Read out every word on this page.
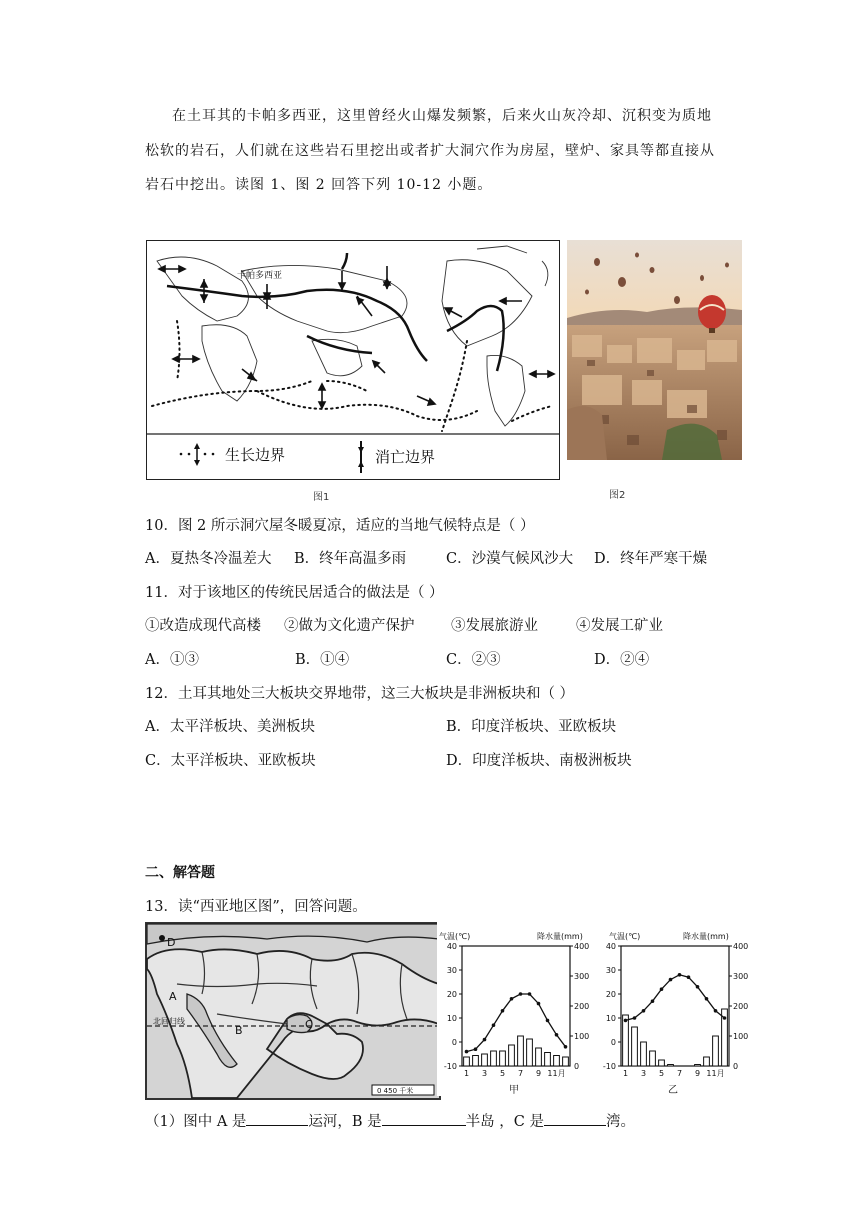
在土耳其的卡帕多西亚，这里曾经火山爆发频繁，后来火山灰冷却、沉积变为质地
松软的岩石，人们就在这些岩石里挖出或者扩大洞穴作为房屋，壁炉、家具等都直接从
岩石中挖出。读图 1、图 2 回答下列 10-12 小题。
卡帕多西亚
生长边界	消亡边界
图1	图2
10．图 2 所示洞穴屋冬暖夏凉，适应的当地气候特点是（ ）
A．夏热冬冷温差大 B．终年高温多雨	C．沙漠气候风沙大 D．终年严寒干燥
11．对于该地区的传统民居适合的做法是（ ）
①改造成现代高楼 ②做为文化遗产保护	③发展旅游业	④发展工矿业
A．①③	B．①④	C．②③	D．②④
12．土耳其地处三大板块交界地带，这三大板块是非洲板块和（ ）
A．太平洋板块、美洲板块	B．印度洋板块、亚欧板块
C．太平洋板块、亚欧板块	D．印度洋板块、南极洲板块
二、解答题
13．读“西亚地区图”，回答问题。
北回归线
D
A
B	C
0 450 千米
气温(℃)	降水量(mm)	气温(℃)	降水量(mm)
甲	乙
-10
0
10
20
30
40
100
200
300
400
0
1 3 5 7 9 11月
-10
0
10
20
30
40
100
200
300
400
0
1 3 5 7 9 11月
（1）图中 A 是	运河，B 是	半岛 ，C 是	湾。
